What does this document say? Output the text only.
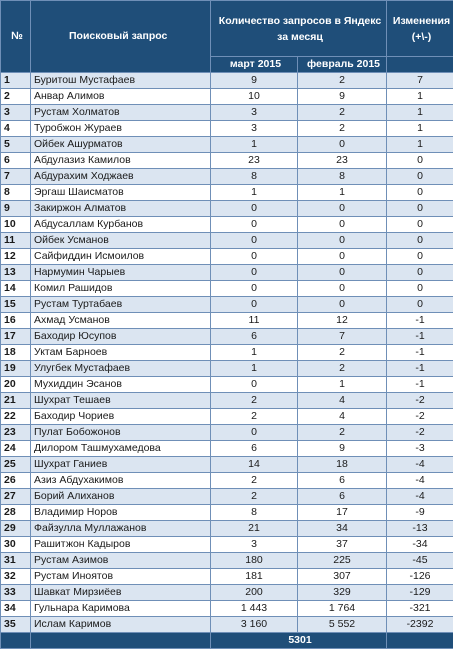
№	Поисковый запрос	Количество запросов в Яндекс за месяц		Изменения (+\-)
		март 2015	февраль 2015	
1	Буритош Мустафаев	9	2	7
2	Анвар Алимов	10	9	1
3	Рустам Холматов	3	2	1
4	Туробжон Жураев	3	2	1
5	Ойбек Ашурматов	1	0	1
6	Абдулазиз Камилов	23	23	0
7	Абдурахим Ходжаев	8	8	0
8	Эргаш Шаисматов	1	1	0
9	Закиржон Алматов	0	0	0
10	Абдусаллам Курбанов	0	0	0
11	Ойбек Усманов	0	0	0
12	Сайфиддин Исмоилов	0	0	0
13	Нармумин Чарыев	0	0	0
14	Комил Рашидов	0	0	0
15	Рустам Туртабаев	0	0	0
16	Ахмад Усманов	11	12	-1
17	Баходир Юсупов	6	7	-1
18	Уктам Барноев	1	2	-1
19	Улугбек Мустафаев	1	2	-1
20	Мухиддин Эсанов	0	1	-1
21	Шухрат Тешаев	2	4	-2
22	Баходир Чориев	2	4	-2
23	Пулат Бобожонов	0	2	-2
24	Дилором Ташмухамедова	6	9	-3
25	Шухрат Ганиев	14	18	-4
26	Азиз Абдухакимов	2	6	-4
27	Борий Алиханов	2	6	-4
28	Владимир Норов	8	17	-9
29	Файзулла Муллажанов	21	34	-13
30	Рашитжон Кадыров	3	37	-34
31	Рустам Азимов	180	225	-45
32	Рустам Иноятов	181	307	-126
33	Шавкат Мирзиёев	200	329	-129
34	Гульнара Каримова	1 443	1 764	-321
35	Ислам Каримов	3 160	5 552	-2392
		5301		
